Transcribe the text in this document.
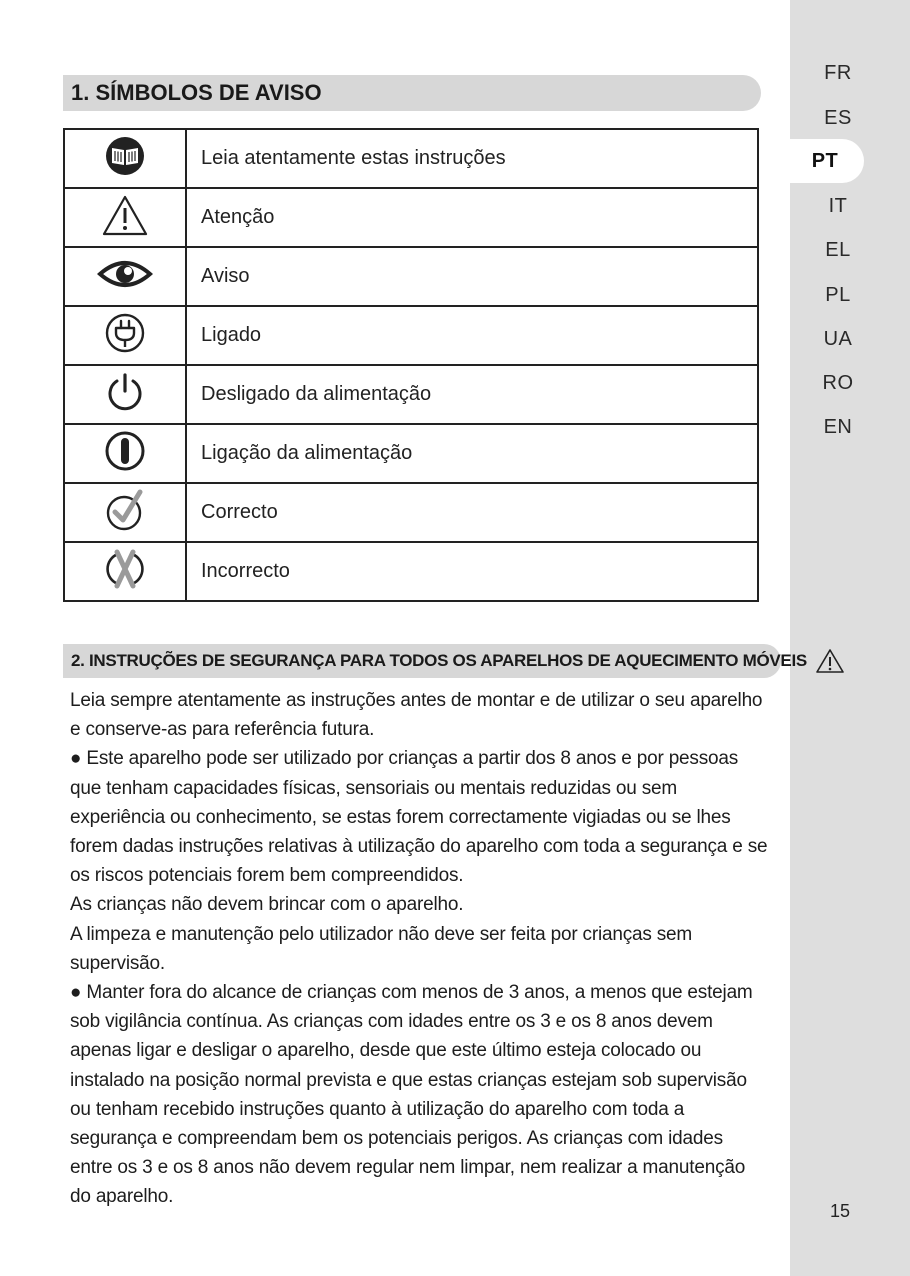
FR
ES
PT
IT
EL
PL
UA
RO
EN
1. SÍMBOLOS DE AVISO
	Leia atentamente estas instruções
	Atenção
	Aviso
	Ligado
	Desligado da alimentação
	Ligação da alimentação
	Correcto
	Incorrecto
2. INSTRUÇÕES DE SEGURANÇA PARA TODOS OS APARELHOS DE AQUECIMENTO MÓVEIS

Leia sempre atentamente as instruções antes de montar e de utilizar o seu aparelho e conserve-as para referência futura.

● Este aparelho pode ser utilizado por crianças a partir dos 8 anos e por pessoas que tenham capacidades físicas, sensoriais ou mentais reduzidas ou sem experiência ou conhecimento, se estas forem correctamente vigiadas ou se lhes forem dadas instruções relativas à utilização do aparelho com toda a segurança e se os riscos potenciais forem bem compreendidos.

As crianças não devem brincar com o aparelho.

A limpeza e manutenção pelo utilizador não deve ser feita por crianças sem supervisão.

● Manter fora do alcance de crianças com menos de 3 anos, a menos que estejam sob vigilância contínua. As crianças com idades entre os 3 e os 8 anos devem apenas ligar e desligar o aparelho, desde que este último esteja colocado ou instalado na posição normal prevista e que estas crianças estejam sob supervisão ou tenham recebido instruções quanto à utilização do aparelho com toda a segurança e compreendam bem os potenciais perigos. As crianças com idades entre os 3 e os 8 anos não devem regular nem limpar, nem realizar a manutenção do aparelho.

15
